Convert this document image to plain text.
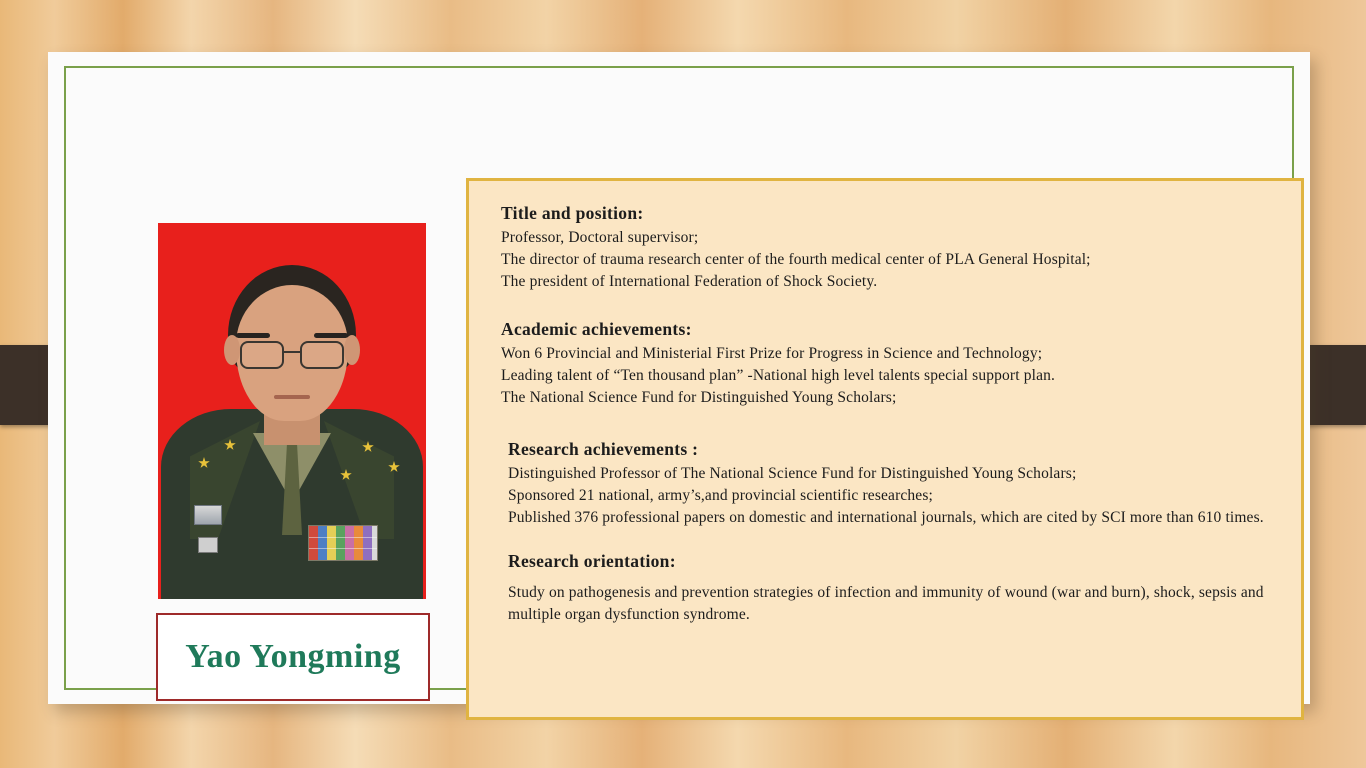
Yao Yongming
Title and position:
Professor, Doctoral supervisor;
The director of trauma research center of the fourth medical center of PLA General Hospital;
The president of International Federation of Shock Society.
Academic achievements:
Won 6 Provincial and Ministerial First Prize for Progress in Science and Technology;
Leading talent of “Ten thousand plan” -National high level talents special support plan.
The National Science Fund for Distinguished Young Scholars;
Research achievements :
Distinguished Professor of The National Science Fund for Distinguished Young Scholars;
Sponsored 21 national, army’s,and provincial scientific researches;
Published 376 professional papers on domestic and international journals, which are cited by SCI more than 610 times.
Research orientation:
Study on pathogenesis and prevention strategies of infection and immunity of wound (war and burn), shock, sepsis and multiple organ dysfunction syndrome.
